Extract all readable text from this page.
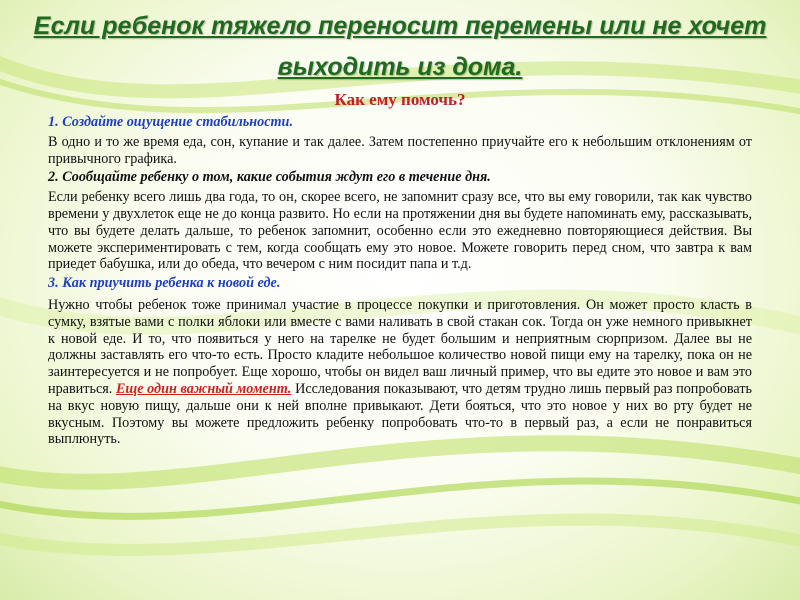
Если ребенок тяжело переносит перемены или не хочет выходить из дома.
Как ему помочь?

1. Создайте ощущение стабильности.

В одно и то же время еда, сон, купание и так далее. Затем постепенно приучайте его к небольшим отклонениям от привычного графика.

2. Сообщайте ребенку о том, какие события ждут его в течение дня.

Если ребенку всего лишь два года, то он, скорее всего, не запомнит сразу все, что вы ему говорили, так как чувство времени у двухлеток еще не до конца развито. Но если на протяжении дня вы будете напоминать ему, рассказывать, что вы будете делать дальше, то ребенок запомнит, особенно если это ежедневно повторяющиеся действия. Вы можете экспериментировать с тем, когда сообщать ему это новое. Можете говорить перед сном, что завтра к вам приедет бабушка, или до обеда, что вечером с ним посидит папа и т.д.

3. Как приучить ребенка к новой еде.

Нужно чтобы ребенок тоже принимал участие в процессе покупки и приготовления. Он может просто класть в сумку, взятые вами с полки яблоки или вместе с вами наливать в свой стакан сок. Тогда он уже немного привыкнет к новой еде. И то, что появиться у него на тарелке не будет большим и неприятным сюрпризом. Далее вы не должны заставлять его что-то есть. Просто кладите небольшое количество новой пищи ему на тарелку, пока он не заинтересуется и не попробует. Еще хорошо, чтобы он видел ваш личный пример, что вы едите это новое и вам это нравиться. Еще один важный момент. Исследования показывают, что детям трудно лишь первый раз попробовать на вкус новую пищу, дальше они к ней вполне привыкают. Дети бояться, что это новое у них во рту будет не вкусным. Поэтому вы можете предложить ребенку попробовать что-то в первый раз, а если не понравиться выплюнуть.
